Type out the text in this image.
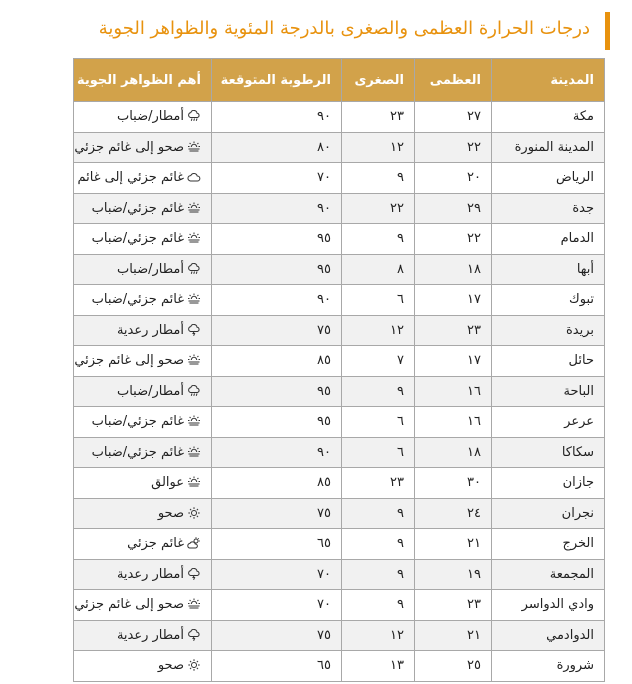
درجات الحرارة العظمى والصغرى بالدرجة المئوية والظواهر الجوية
المدينة	العظمى	الصغرى	الرطوبة المتوقعة	أهم الظواهر الجوية
مكة	٢٧	٢٣	٩٠	أمطار/ضباب
المدينة المنورة	٢٢	١٢	٨٠	صحو إلى غائم جزئي
الرياض	٢٠	٩	٧٠	غائم جزئي إلى غائم
جدة	٢٩	٢٢	٩٠	غائم جزئي/ضباب
الدمام	٢٢	٩	٩٥	غائم جزئي/ضباب
أبها	١٨	٨	٩٥	أمطار/ضباب
تبوك	١٧	٦	٩٠	غائم جزئي/ضباب
بريدة	٢٣	١٢	٧٥	أمطار رعدية
حائل	١٧	٧	٨٥	صحو إلى غائم جزئي
الباحة	١٦	٩	٩٥	أمطار/ضباب
عرعر	١٦	٦	٩٥	غائم جزئي/ضباب
سكاكا	١٨	٦	٩٠	غائم جزئي/ضباب
جازان	٣٠	٢٣	٨٥	عوالق
نجران	٢٤	٩	٧٥	صحو
الخرج	٢١	٩	٦٥	غائم جزئي
المجمعة	١٩	٩	٧٠	أمطار رعدية
وادي الدواسر	٢٣	٩	٧٠	صحو إلى غائم جزئي
الدوادمي	٢١	١٢	٧٥	أمطار رعدية
شرورة	٢٥	١٣	٦٥	صحو
